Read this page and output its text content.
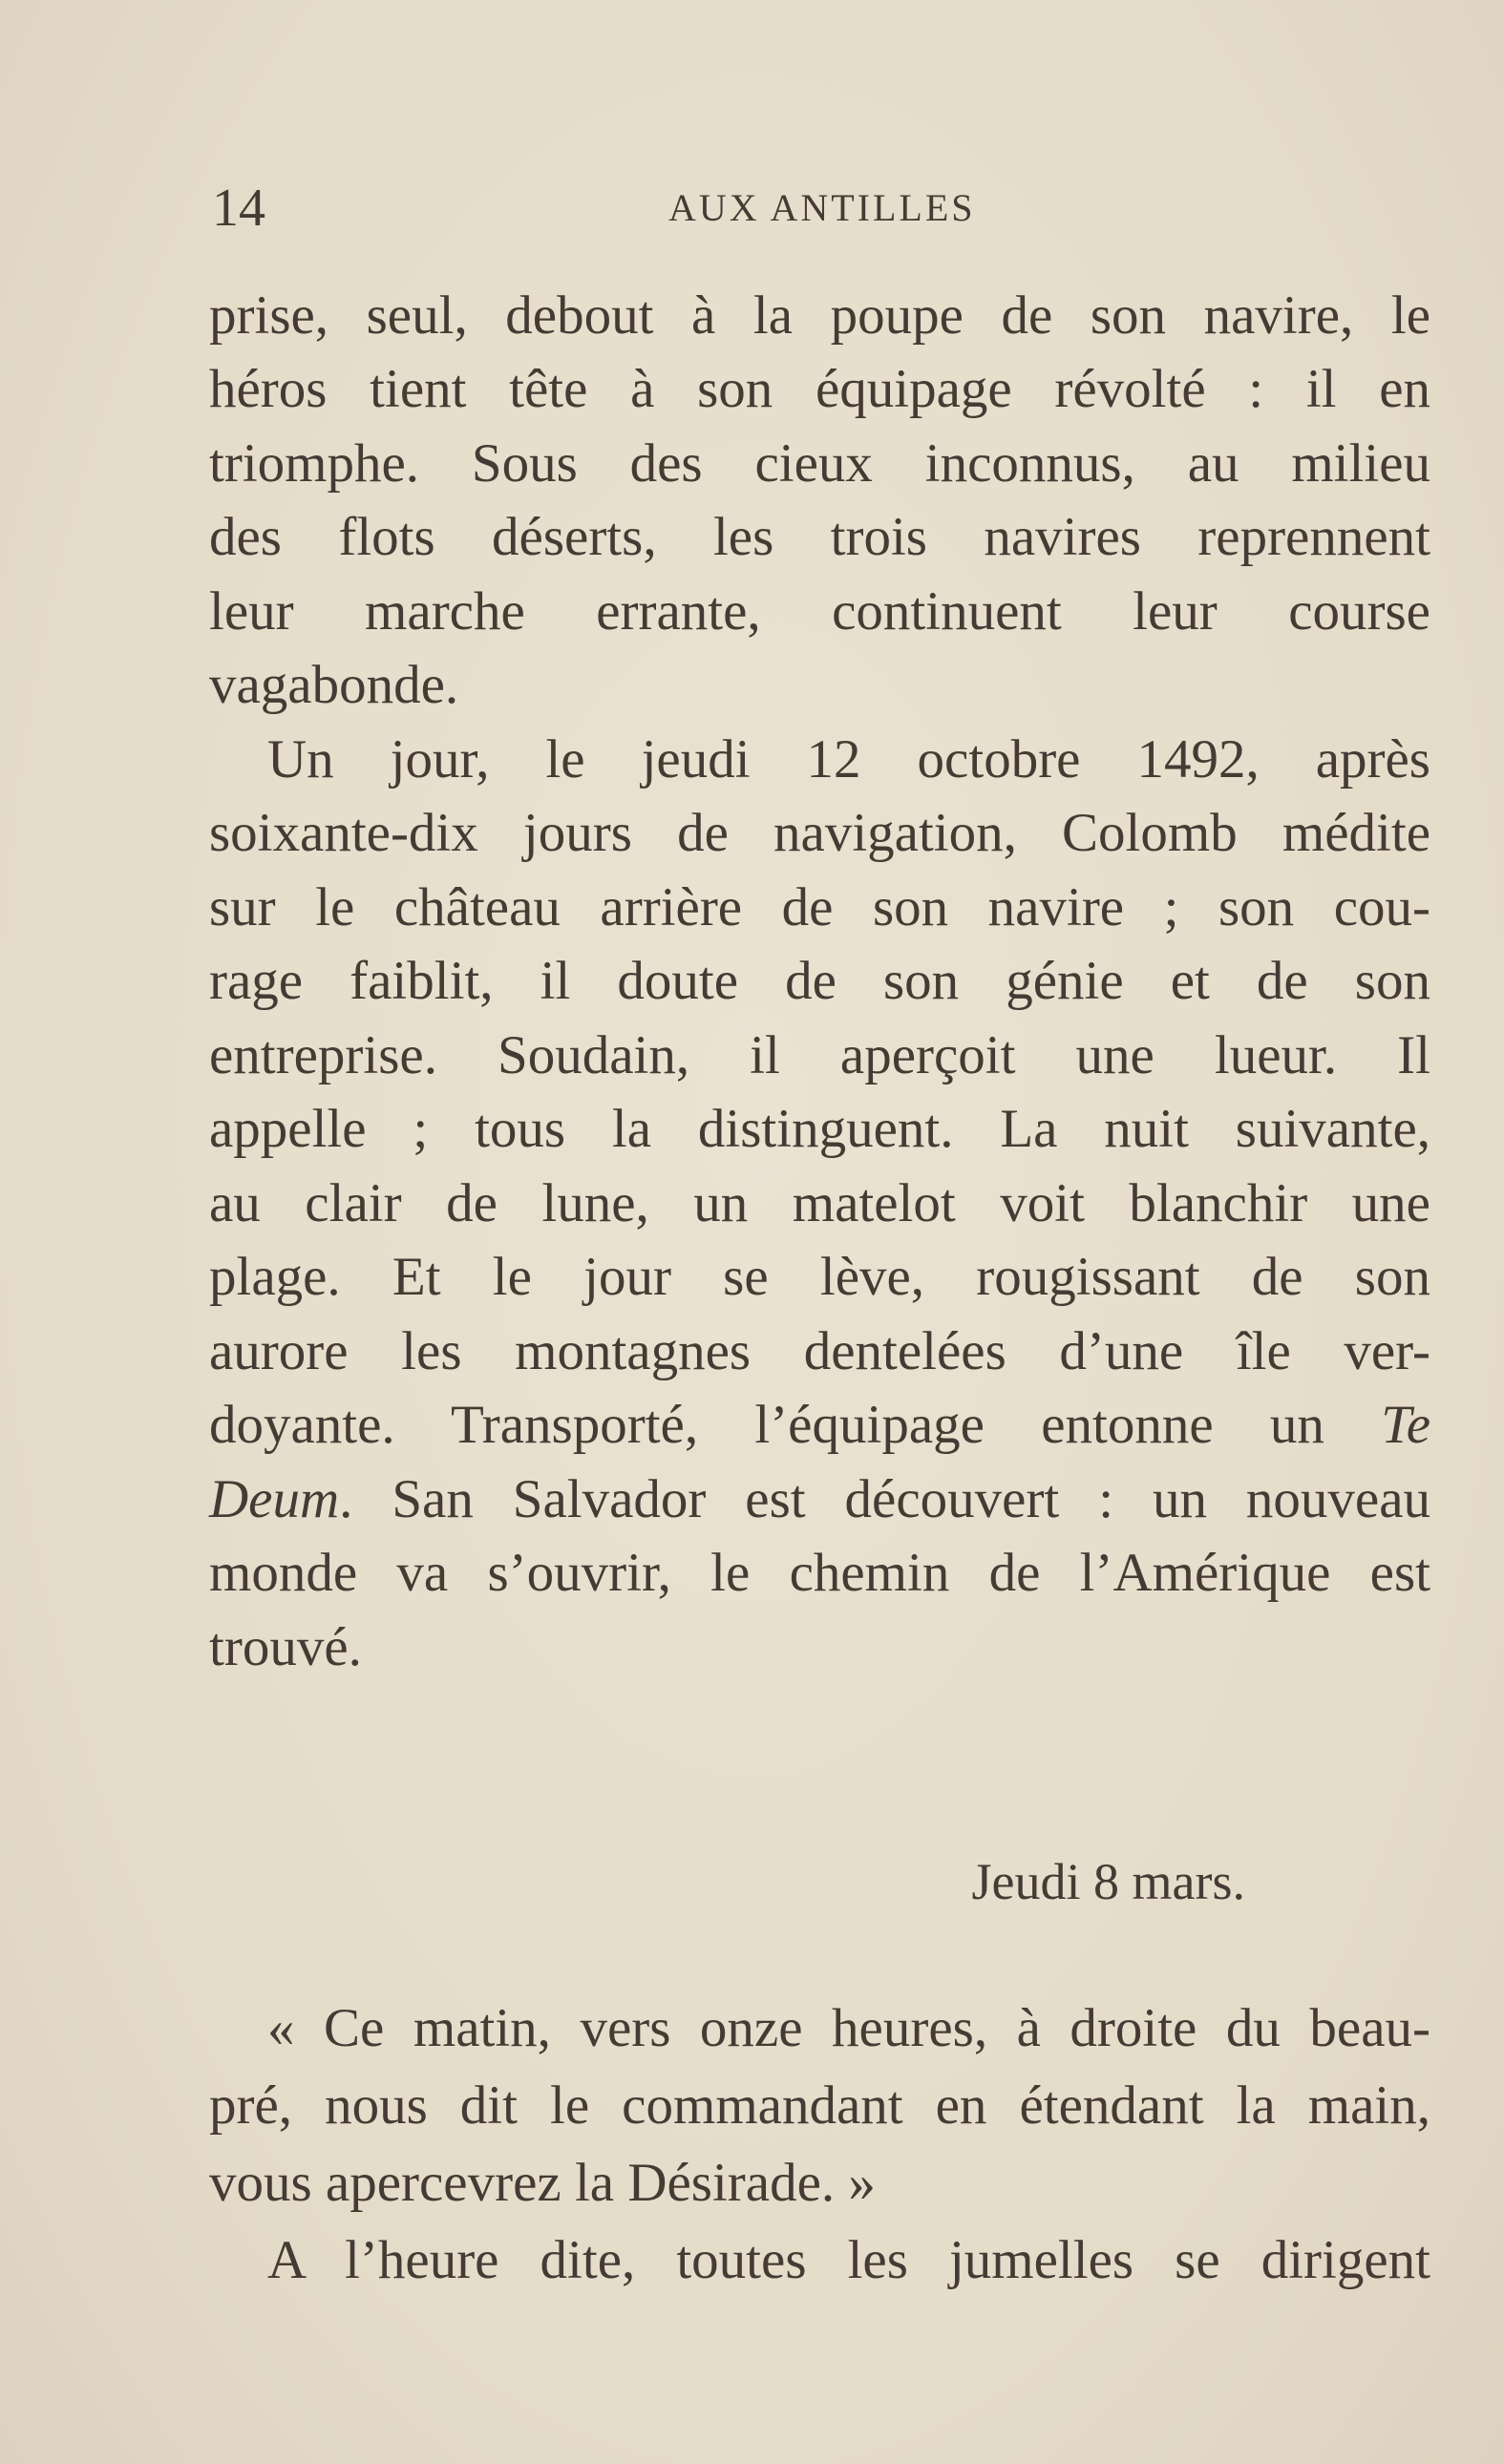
14	AUX ANTILLES
prise, seul, debout à la poupe de son navire, le
héros tient tête à son équipage révolté : il en
triomphe. Sous des cieux inconnus, au milieu
des flots déserts, les trois navires reprennent
leur marche errante, continuent leur course
vagabonde.
Un jour, le jeudi 12 octobre 1492, après
soixante-dix jours de navigation, Colomb médite
sur le château arrière de son navire ; son cou-
rage faiblit, il doute de son génie et de son
entreprise. Soudain, il aperçoit une lueur. Il
appelle ; tous la distinguent. La nuit suivante,
au clair de lune, un matelot voit blanchir une
plage. Et le jour se lève, rougissant de son
aurore les montagnes dentelées d’une île ver-
doyante. Transporté, l’équipage entonne un Te
Deum. San Salvador est découvert : un nouveau
monde va s’ouvrir, le chemin de l’Amérique est
trouvé.
Jeudi 8 mars.
« Ce matin, vers onze heures, à droite du beau-
pré, nous dit le commandant en étendant la main,
vous apercevrez la Désirade. »
A l’heure dite, toutes les jumelles se dirigent
